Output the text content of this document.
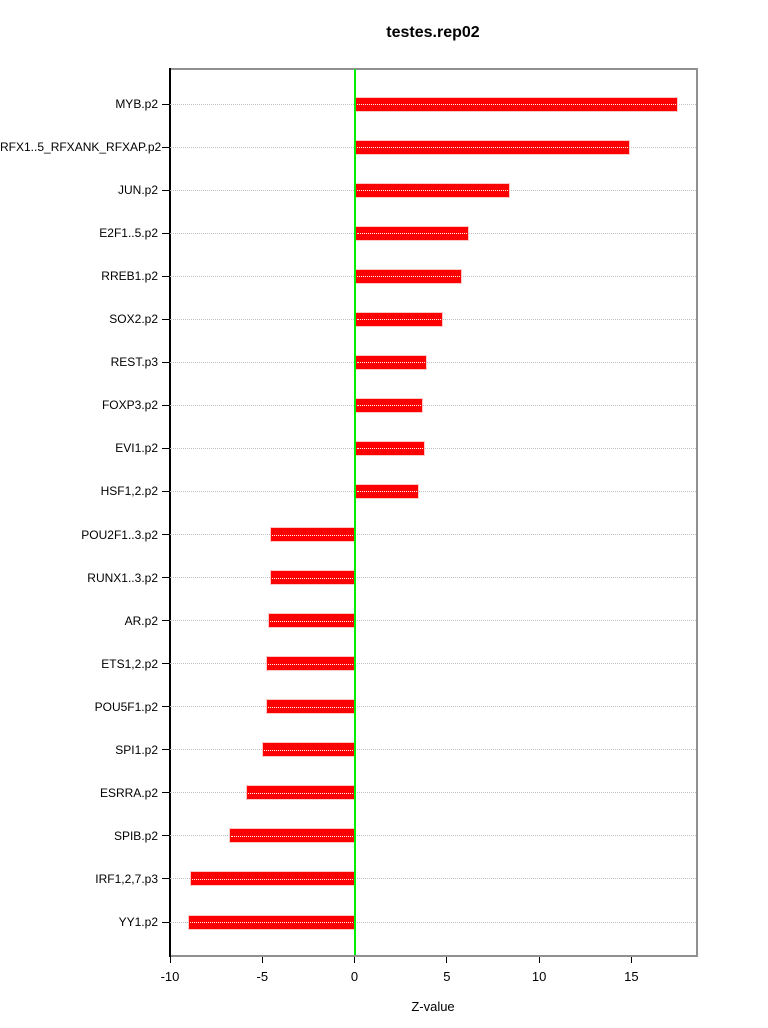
testes.rep02
MYB.p2
RFX1..5_RFXANK_RFXAP.p2
JUN.p2
E2F1..5.p2
RREB1.p2
SOX2.p2
REST.p3
FOXP3.p2
EVI1.p2
HSF1,2.p2
POU2F1..3.p2
RUNX1..3.p2
AR.p2
ETS1,2.p2
POU5F1.p2
SPI1.p2
ESRRA.p2
SPIB.p2
IRF1,2,7.p3
YY1.p2
-10	-5	0	5	10	15
Z-value
